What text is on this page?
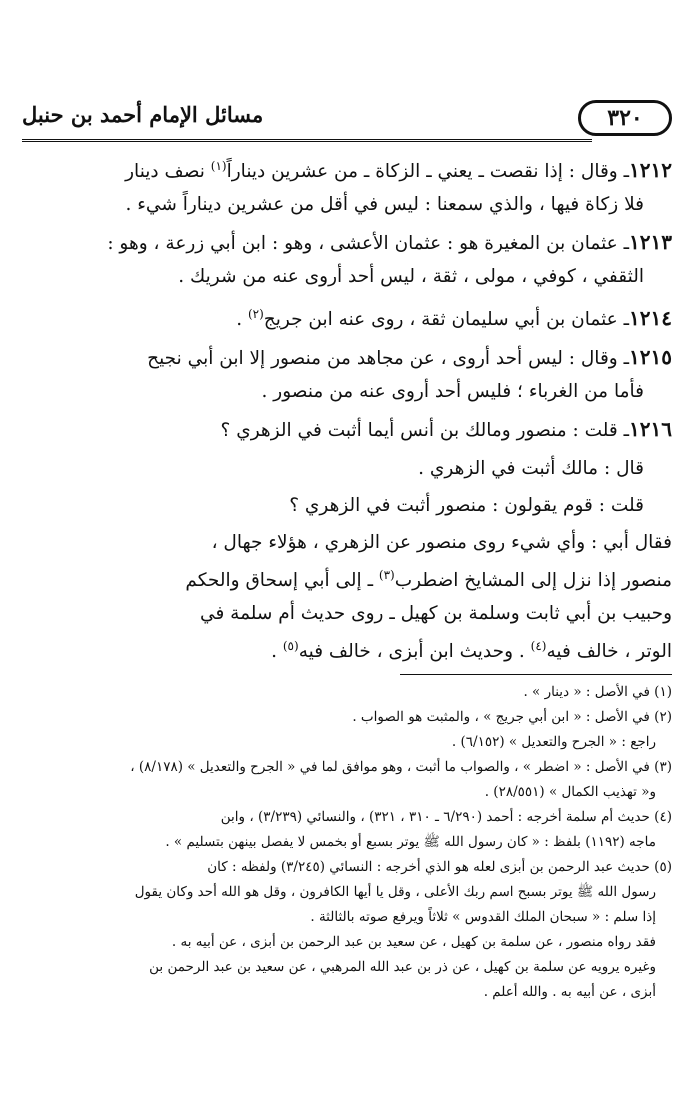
٣٢٠
مسائل الإمام أحمد بن حنبل

١٢١٢ـ وقال : إذا نقصت ـ يعني ـ الزكاة ـ من عشرين ديناراً$^{(١)}$ نصف دينار
فلا زكاة فيها ، والذي سمعنا : ليس في أقل من عشرين ديناراً شيء .

١٢١٣ـ عثمان بن المغيرة هو : عثمان الأعشى ، وهو : ابن أبي زرعة ، وهو :
الثقفي ، كوفي ، مولى ، ثقة ، ليس أحد أروى عنه من شريك .

١٢١٤ـ عثمان بن أبي سليمان ثقة ، روى عنه ابن جريج$^{(٢)}$ .

١٢١٥ـ وقال : ليس أحد أروى ، عن مجاهد من منصور إلا ابن أبي نجيح
فأما من الغرباء ؛ فليس أحد أروى عنه من منصور .

١٢١٦ـ قلت : منصور ومالك بن أنس أيما أثبت في الزهري ؟

قال : مالك أثبت في الزهري .

قلت : قوم يقولون : منصور أثبت في الزهري ؟

فقال أبي : وأي شيء روى منصور عن الزهري ، هؤلاء جهال ،
منصور إذا نزل إلى المشايخ اضطرب$^{(٣)}$ ـ إلى أبي إسحاق والحكم
وحبيب بن أبي ثابت وسلمة بن كهيل ـ روى حديث أم سلمة في
الوتر ، خالف فيه$^{(٤)}$ . وحديث ابن أبزى ، خالف فيه$^{(٥)}$ .

(١) في الأصل : « دينار » .

(٢) في الأصل : « ابن أبي جريج » ، والمثبت هو الصواب .

راجع : « الجرح والتعديل » (٦/١٥٢) .

(٣) في الأصل : « اضطر » ، والصواب ما أثبت ، وهو موافق لما في « الجرح والتعديل » (٨/١٧٨) ،

و« تهذيب الكمال » (٢٨/٥٥١) .

(٤) حديث أم سلمة أخرجه : أحمد (٦/٢٩٠ ـ ٣١٠ ، ٣٢١) ، والنسائي (٣/٢٣٩) ، وابن

ماجه (١١٩٢) بلفظ : « كان رسول الله ﷺ يوتر بسبع أو بخمس لا يفصل بينهن بتسليم » .

(٥) حديث عبد الرحمن بن أبزى لعله هو الذي أخرجه : النسائي (٣/٢٤٥) ولفظه : كان

رسول الله ﷺ يوتر بسبح اسم ربك الأعلى ، وقل يا أيها الكافرون ، وقل هو الله أحد وكان يقول

إذا سلم : « سبحان الملك القدوس » ثلاثاً ويرفع صوته بالثالثة .

فقد رواه منصور ، عن سلمة بن كهيل ، عن سعيد بن عبد الرحمن بن أبزى ، عن أبيه به .

وغيره يرويه عن سلمة بن كهيل ، عن ذر بن عبد الله المرهبي ، عن سعيد بن عبد الرحمن بن

أبزى ، عن أبيه به . والله أعلم .
